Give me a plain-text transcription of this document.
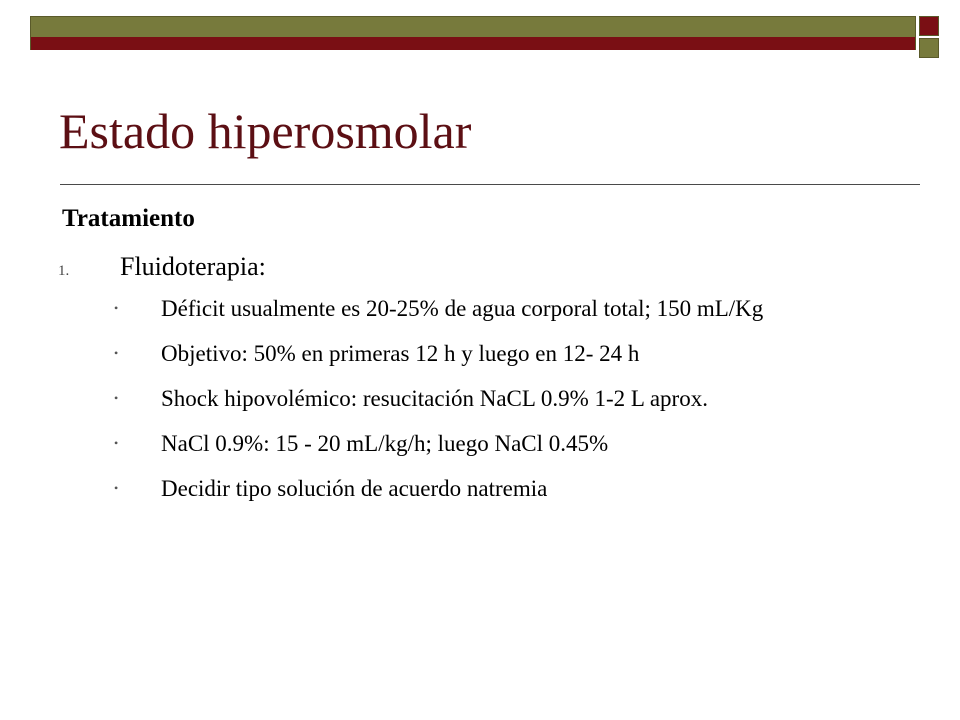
Estado hiperosmolar
Tratamiento
1.	Fluidoterapia:
•	Déficit usualmente es 20-25% de agua corporal total; 150 mL/Kg
•	Objetivo: 50% en primeras 12 h y luego en 12- 24 h
•	Shock hipovolémico: resucitación NaCL 0.9% 1-2 L aprox.
•	NaCl 0.9%: 15 - 20 mL/kg/h; luego NaCl 0.45%
•	Decidir tipo solución de acuerdo natremia
